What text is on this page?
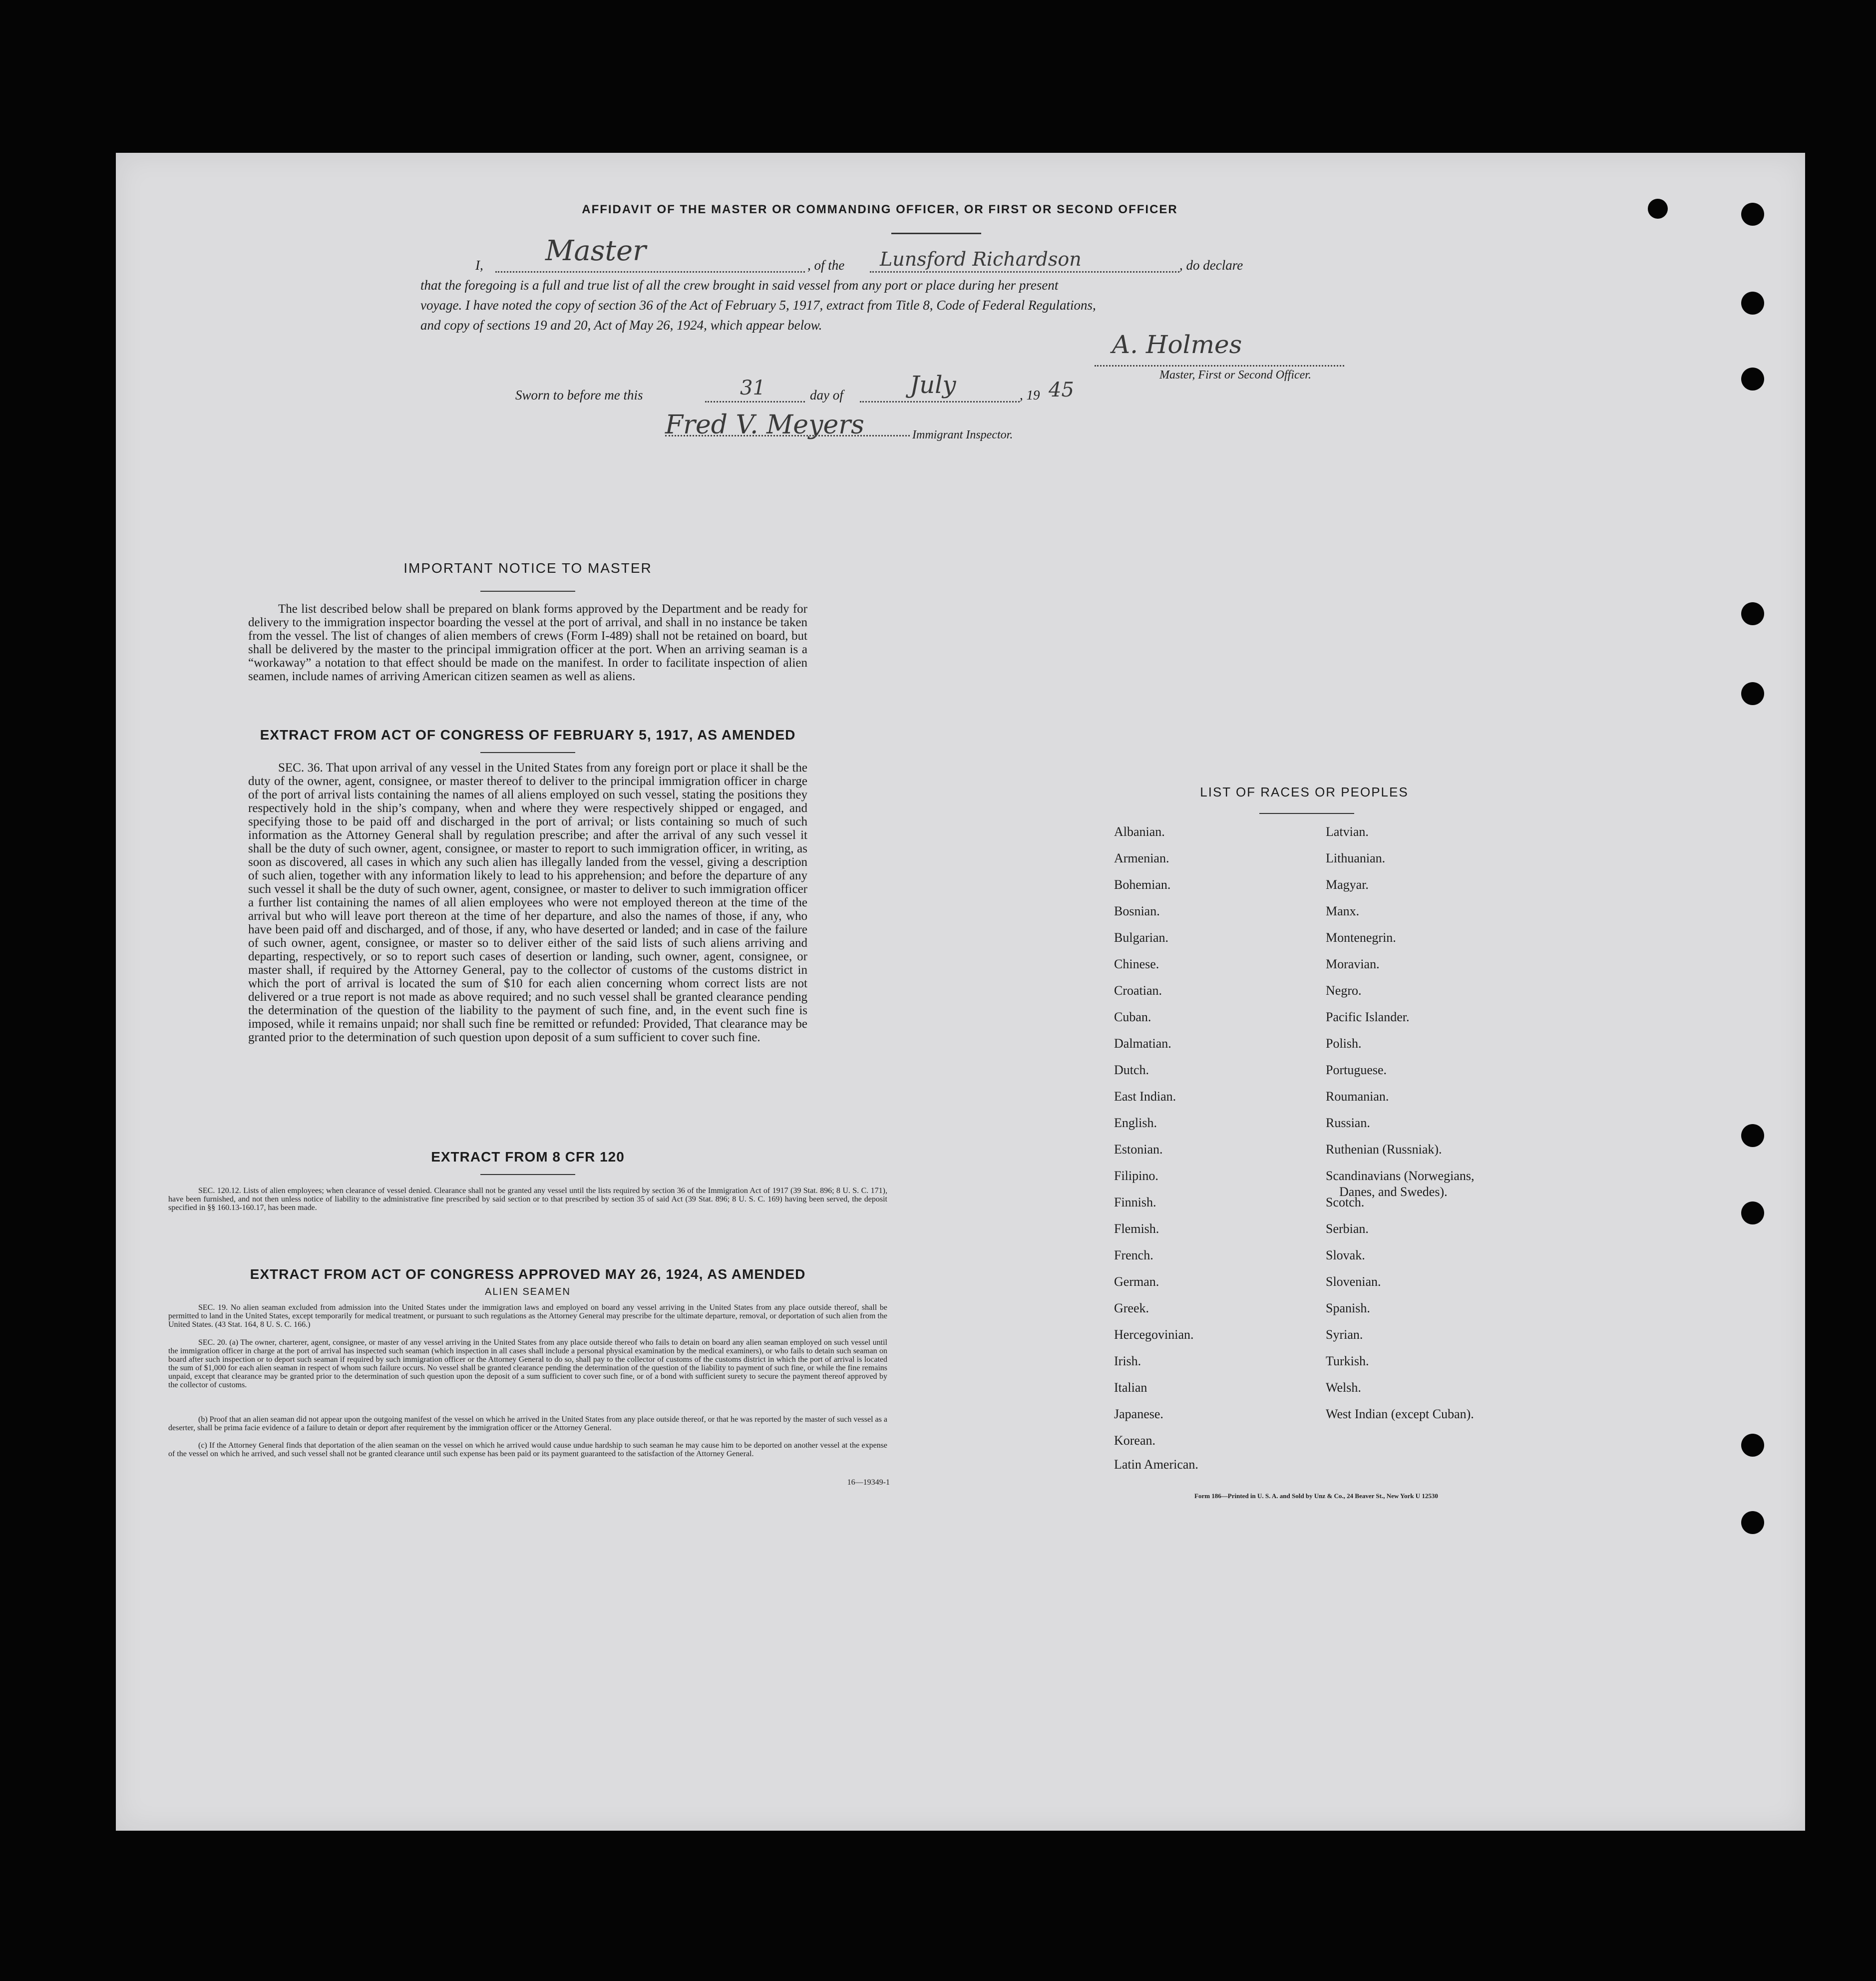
AFFIDAVIT OF THE MASTER OR COMMANDING OFFICER, OR FIRST OR SECOND OFFICER
I, Master	, of the Lunsford Richardson	, do declare
that the foregoing is a full and true list of all the crew brought in said vessel from any port or place during her present
voyage. I have noted the copy of section 36 of the Act of February 5, 1917, extract from Title 8, Code of Federal Regulations,
and copy of sections 19 and 20, Act of May 26, 1924, which appear below.
A. Holmes
Master, First or Second Officer.
Sworn to before me this	31	day of	July	, 19 45
Fred V. Meyers	Immigrant Inspector.
IMPORTANT NOTICE TO MASTER
The list described below shall be prepared on blank forms approved by the Department and be ready for delivery to the immigration inspector boarding the vessel at the port of arrival, and shall in no instance be taken from the vessel. The list of changes of alien members of crews (Form I-489) shall not be retained on board, but shall be delivered by the master to the principal immigration officer at the port. When an arriving seaman is a “workaway” a notation to that effect should be made on the manifest. In order to facilitate inspection of alien seamen, include names of arriving American citizen seamen as well as aliens.
EXTRACT FROM ACT OF CONGRESS OF FEBRUARY 5, 1917, AS AMENDED
SEC. 36. That upon arrival of any vessel in the United States from any foreign port or place it shall be the duty of the owner, agent, consignee, or master thereof to deliver to the principal immigration officer in charge of the port of arrival lists containing the names of all aliens employed on such vessel, stating the positions they respectively hold in the ship’s company, when and where they were respectively shipped or engaged, and specifying those to be paid off and discharged in the port of arrival; or lists containing so much of such information as the Attorney General shall by regulation prescribe; and after the arrival of any such vessel it shall be the duty of such owner, agent, consignee, or master to report to such immigration officer, in writing, as soon as discovered, all cases in which any such alien has illegally landed from the vessel, giving a description of such alien, together with any information likely to lead to his apprehension; and before the departure of any such vessel it shall be the duty of such owner, agent, consignee, or master to deliver to such immigration officer a further list containing the names of all alien employees who were not employed thereon at the time of the arrival but who will leave port thereon at the time of her departure, and also the names of those, if any, who have been paid off and discharged, and of those, if any, who have deserted or landed; and in case of the failure of such owner, agent, consignee, or master so to deliver either of the said lists of such aliens arriving and departing, respectively, or so to report such cases of desertion or landing, such owner, agent, consignee, or master shall, if required by the Attorney General, pay to the collector of customs of the customs district in which the port of arrival is located the sum of $10 for each alien concerning whom correct lists are not delivered or a true report is not made as above required; and no such vessel shall be granted clearance pending the determination of the question of the liability to the payment of such fine, and, in the event such fine is imposed, while it remains unpaid; nor shall such fine be remitted or refunded: Provided, That clearance may be granted prior to the determination of such question upon deposit of a sum sufficient to cover such fine.
EXTRACT FROM 8 CFR 120
SEC. 120.12. Lists of alien employees; when clearance of vessel denied. Clearance shall not be granted any vessel until the lists required by section 36 of the Immigration Act of 1917 (39 Stat. 896; 8 U. S. C. 171), have been furnished, and not then unless notice of liability to the administrative fine prescribed by said section or to that prescribed by section 35 of said Act (39 Stat. 896; 8 U. S. C. 169) having been served, the deposit specified in §§ 160.13-160.17, has been made.
EXTRACT FROM ACT OF CONGRESS APPROVED MAY 26, 1924, AS AMENDED
ALIEN SEAMEN
SEC. 19. No alien seaman excluded from admission into the United States under the immigration laws and employed on board any vessel arriving in the United States from any place outside thereof, shall be permitted to land in the United States, except temporarily for medical treatment, or pursuant to such regulations as the Attorney General may prescribe for the ultimate departure, removal, or deportation of such alien from the United States. (43 Stat. 164, 8 U. S. C. 166.)
SEC. 20. (a) The owner, charterer, agent, consignee, or master of any vessel arriving in the United States from any place outside thereof who fails to detain on board any alien seaman employed on such vessel until the immigration officer in charge at the port of arrival has inspected such seaman (which inspection in all cases shall include a personal physical examination by the medical examiners), or who fails to detain such seaman on board after such inspection or to deport such seaman if required by such immigration officer or the Attorney General to do so, shall pay to the collector of customs of the customs district in which the port of arrival is located the sum of $1,000 for each alien seaman in respect of whom such failure occurs. No vessel shall be granted clearance pending the determination of the question of the liability to payment of such fine, or while the fine remains unpaid, except that clearance may be granted prior to the determination of such question upon the deposit of a sum sufficient to cover such fine, or of a bond with sufficient surety to secure the payment thereof approved by the collector of customs.
(b) Proof that an alien seaman did not appear upon the outgoing manifest of the vessel on which he arrived in the United States from any place outside thereof, or that he was reported by the master of such vessel as a deserter, shall be prima facie evidence of a failure to detain or deport after requirement by the immigration officer or the Attorney General.
(c) If the Attorney General finds that deportation of the alien seaman on the vessel on which he arrived would cause undue hardship to such seaman he may cause him to be deported on another vessel at the expense of the vessel on which he arrived, and such vessel shall not be granted clearance until such expense has been paid or its payment guaranteed to the satisfaction of the Attorney General.
16—19349-1
LIST OF RACES OR PEOPLES
Albanian.
Armenian.
Bohemian.
Bosnian.
Bulgarian.
Chinese.
Croatian.
Cuban.
Dalmatian.
Dutch.
East Indian.
English.
Estonian.
Filipino.
Finnish.
Flemish.
French.
German.
Greek.
Hercegovinian.
Irish.
Italian
Japanese.
Korean.
Latin American.
Latvian.
Lithuanian.
Magyar.
Manx.
Montenegrin.
Moravian.
Negro.
Pacific Islander.
Polish.
Portuguese.
Roumanian.
Russian.
Ruthenian (Russniak).
Scandinavians (Norwegians,
Danes, and Swedes).
Scotch.
Serbian.
Slovak.
Slovenian.
Spanish.
Syrian.
Turkish.
Welsh.
West Indian (except Cuban).
Form 186—Printed in U. S. A. and Sold by Unz & Co., 24 Beaver St., New York U 12530
